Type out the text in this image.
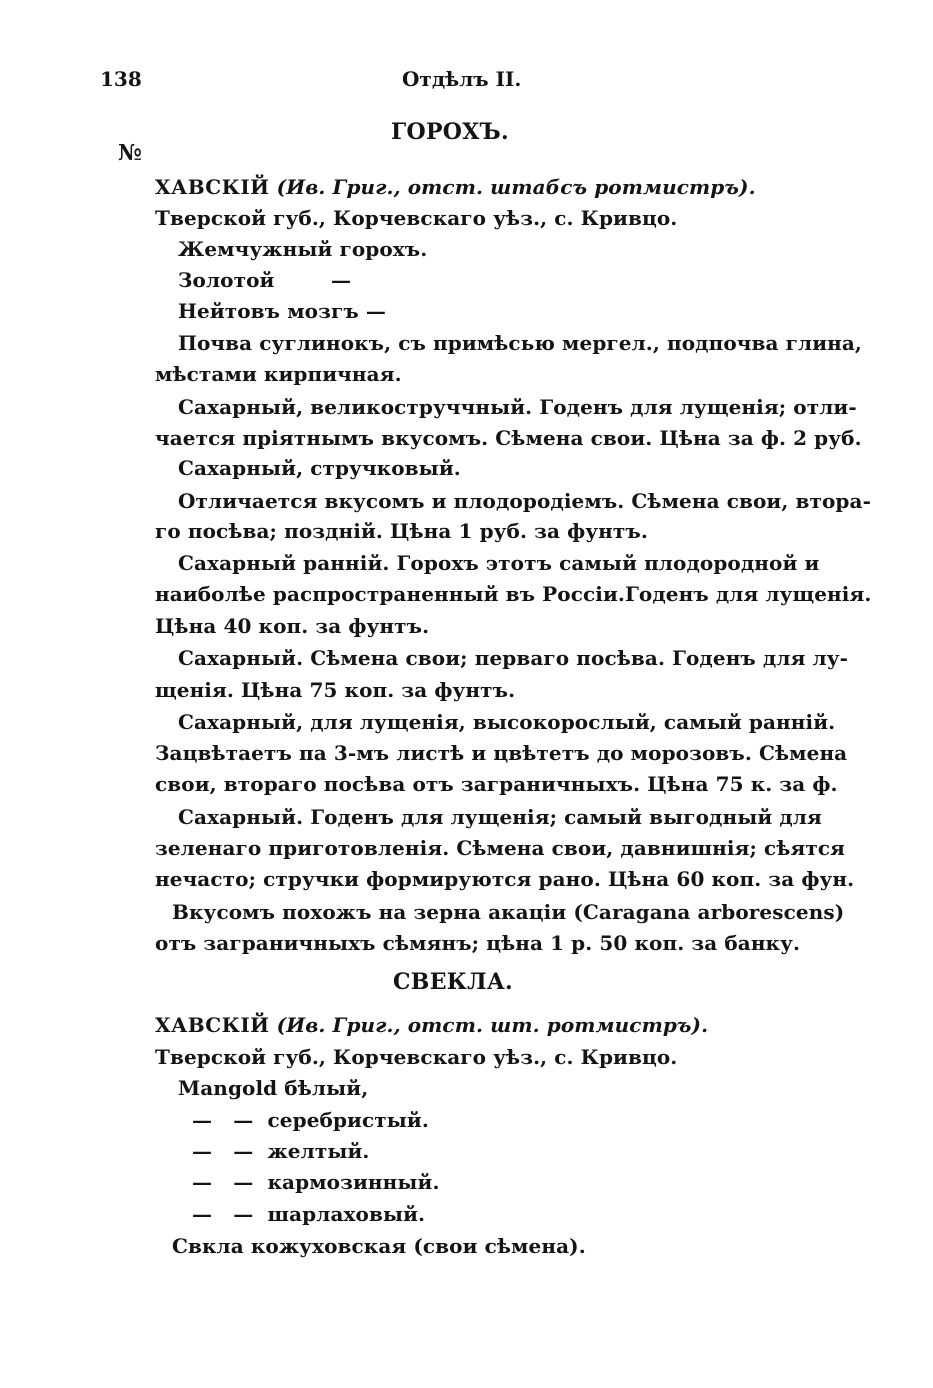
138	Отдѣлъ II.
ГОРОХЪ.
№
ХАВСКІЙ (Ив. Григ., отст. штабсъ ротмистръ).
Тверской губ., Корчевскаго уѣз., с. Кривцо.
Жемчужный горохъ.
Золотой        —
Нейтовъ мозгъ —
Почва суглинокъ, съ примѣсью мергел., подпочва глина,
мѣстами кирпичная.
Сахарный, великоструччный. Годенъ для лущенія; отли-
чается пріятнымъ вкусомъ. Сѣмена свои. Цѣна за ф. 2 руб.
Сахарный, стручковый.
Отличается вкусомъ и плодородіемъ. Сѣмена свои, втора-
го посѣва; поздній. Цѣна 1 руб. за фунтъ.
Сахарный ранній. Горохъ этотъ самый плодородной и
наиболѣе распространенный въ Россіи.Годенъ для лущенія.
Цѣна 40 коп. за фунтъ.
Сахарный. Сѣмена свои; перваго посѣва. Годенъ для лу-
щенія. Цѣна 75 коп. за фунтъ.
Сахарный, для лущенія, высокорослый, самый ранній.
Зацвѣтаетъ па 3-мъ листѣ и цвѣтетъ до морозовъ. Сѣмена
свои, втораго посѣва отъ заграничныхъ. Цѣна 75 к. за ф.
Сахарный. Годенъ для лущенія; самый выгодный для
зеленаго приготовленія. Сѣмена свои, давнишнія; сѣятся
нечасто; стручки формируются рано. Цѣна 60 коп. за фун.
Вкусомъ похожъ на зерна акаціи (Caragana arborescens)
отъ заграничныхъ сѣмянъ; цѣна 1 р. 50 коп. за банку.
СВЕКЛА.
ХАВСКІЙ (Ив. Григ., отст. шт. ротмистръ).
Тверской губ., Корчевскаго уѣз., с. Кривцо.
Mangold бѣлый,
—   —  серебристый.
—   —  желтый.
—   —  кармозинный.
—   —  шарлаховый.
Свкла кожуховская (свои сѣмена).
